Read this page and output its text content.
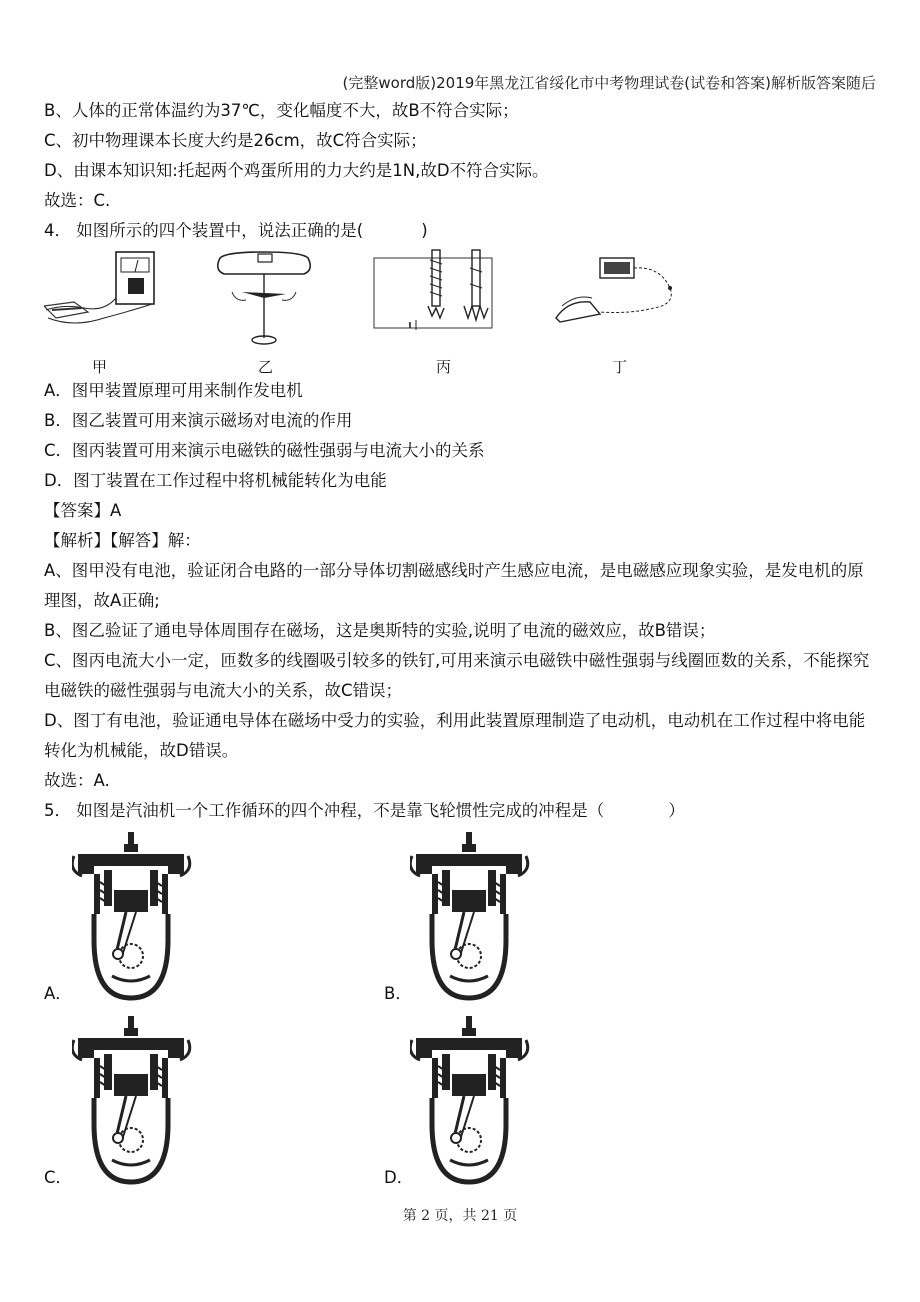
(完整word版)2019年黑龙江省绥化市中考物理试卷(试卷和答案)解析版答案随后
B、人体的正常体温约为37℃，变化幅度不大，故B不符合实际；
C、初中物理课本长度大约是26cm，故C符合实际；
D、由课本知识知:托起两个鸡蛋所用的力大约是1N,故D不符合实际。
故选：C.
4． 如图所示的四个装置中，说法正确的是(	)
甲	乙	丙	丁
A．图甲装置原理可用来制作发电机
B．图乙装置可用来演示磁场对电流的作用
C．图丙装置可用来演示电磁铁的磁性强弱与电流大小的关系
D．图丁装置在工作过程中将机械能转化为电能
【答案】A
【解析】【解答】解：
A、图甲没有电池，验证闭合电路的一部分导体切割磁感线时产生感应电流，是电磁感应现象实验，是发电机的原理图，故A正确;
B、图乙验证了通电导体周围存在磁场，这是奥斯特的实验,说明了电流的磁效应，故B错误；
C、图丙电流大小一定，匝数多的线圈吸引较多的铁钉,可用来演示电磁铁中磁性强弱与线圈匝数的关系，不能探究电磁铁的磁性强弱与电流大小的关系，故C错误；
D、图丁有电池，验证通电导体在磁场中受力的实验，利用此装置原理制造了电动机，电动机在工作过程中将电能转化为机械能，故D错误。
故选：A.
5． 如图是汽油机一个工作循环的四个冲程，不是靠飞轮惯性完成的冲程是（	）
A．	B．
C．	D．
第 2 页，共 21 页
